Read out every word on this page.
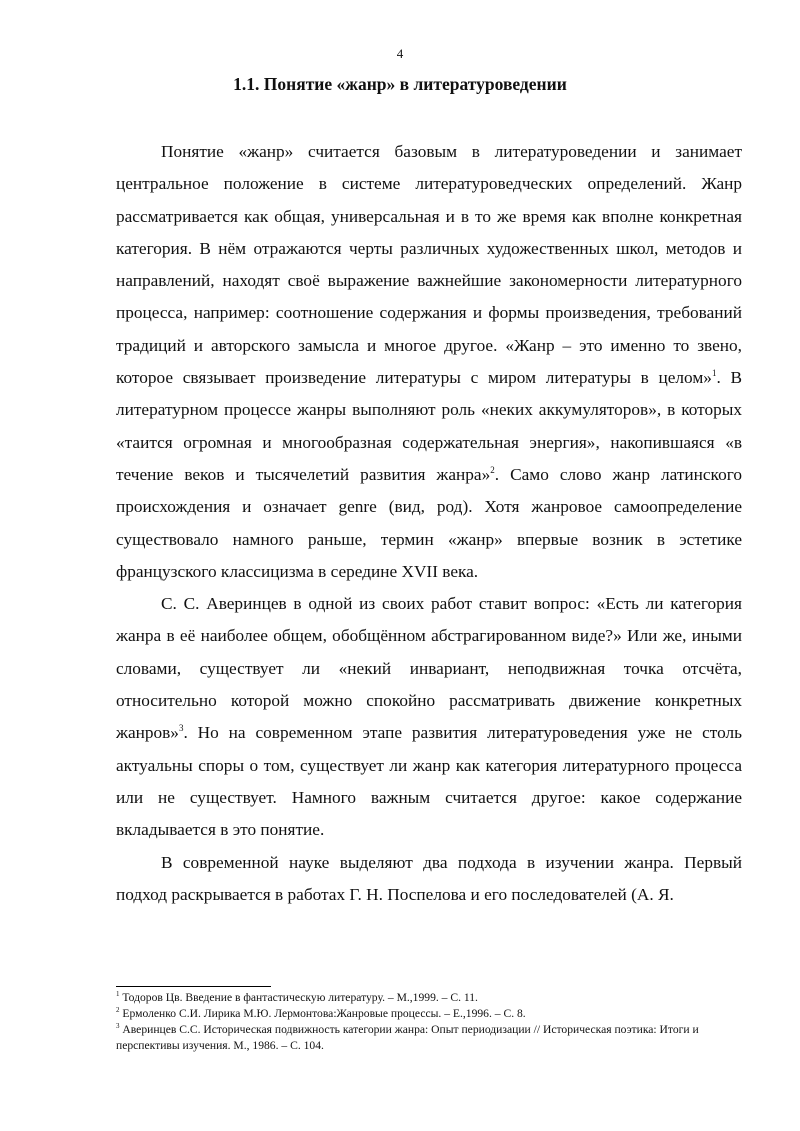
4
1.1. Понятие «жанр» в литературоведении

Понятие «жанр» считается базовым в литературоведении и занимает центральное положение в системе литературоведческих определений. Жанр рассматривается как общая, универсальная и в то же время как вполне конкретная категория. В нём отражаются черты различных художественных школ, методов и направлений, находят своё выражение важнейшие закономерности литературного процесса, например: соотношение содержания и формы произведения, требований традиций и авторского замысла и многое другое. «Жанр – это именно то звено, которое связывает произведение литературы с миром литературы в целом»$^1$. В литературном процессе жанры выполняют роль «неких аккумуляторов», в которых «таится огромная и многообразная содержательная энергия», накопившаяся «в течение веков и тысячелетий развития жанра»$^2$. Само слово жанр латинского происхождения и означает genre (вид, род). Хотя жанровое самоопределение существовало намного раньше, термин «жанр» впервые возник в эстетике французского классицизма в середине XVII века.

С. С. Аверинцев в одной из своих работ ставит вопрос: «Есть ли категория жанра в её наиболее общем, обобщённом абстрагированном виде?» Или же, иными словами, существует ли «некий инвариант, неподвижная точка отсчёта, относительно которой можно спокойно рассматривать движение конкретных жанров»$^3$. Но на современном этапе развития литературоведения уже не столь актуальны споры о том, существует ли жанр как категория литературного процесса или не существует. Намного важным считается другое: какое содержание вкладывается в это понятие.

В современной науке выделяют два подхода в изучении жанра. Первый подход раскрывается в работах Г. Н. Поспелова и его последователей (А. Я.

$^1$ Тодоров Цв. Введение в фантастическую литературу. – М.,1999. – С. 11.
$^2$ Ермоленко С.И. Лирика М.Ю. Лермонтова:Жанровые процессы. – Е.,1996. – С. 8.
$^3$ Аверинцев С.С. Историческая подвижность категории жанра: Опыт периодизации // Историческая поэтика: Итоги и перспективы изучения. М., 1986. – С. 104.
